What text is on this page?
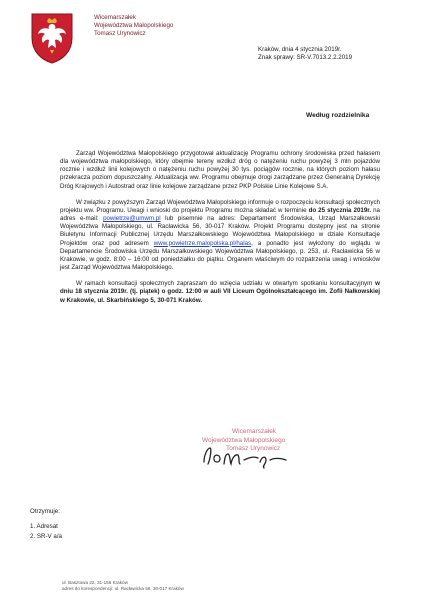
Wicemarszałek
Województwa Małopolskiego
Tomasz Urynowicz
Kraków, dnia 4 stycznia 2019r.
Znak sprawy: SR-V.7013.2.2.2019
Według rozdzielnika

Zarząd Województwa Małopolskiego przygotował aktualizację Programu ochrony środowiska przed hałasem dla województwa małopolskiego, który obejmie tereny wzdłuż dróg o natężeniu ruchu powyżej 3 mln pojazdów rocznie i wzdłuż linii kolejowych o natężeniu ruchu powyżej 30 tys. pociągów rocznie, na których poziom hałasu przekracza poziom dopuszczalny. Aktualizacja ww. Programu obejmuje drogi zarządzane przez Generalną Dyrekcję Dróg Krajowych i Autostrad oraz linie kolejowe zarządzane przez PKP Polskie Linie Kolejowe S.A.

W związku z powyższym Zarząd Województwa Małopolskiego informuje o rozpoczęciu konsultacji społecznych projektu ww. Programu. Uwagi i wnioski do projektu Programu można składać w terminie do 25 stycznia 2019r. na adres e-mail: powietrze@umwm.pl lub pisemnie na adres: Departament Środowiska, Urząd Marszałkowski Województwa Małopolskiego, ul. Racławicka 56, 30-017 Kraków. Projekt Programu dostępny jest na stronie Biuletynu Informacji Publicznej Urzędu Marszałkowskiego Województwa Małopolskiego w dziale Konsultacje Projektów oraz pod adresem www.powietrze.malopolska.pl/halas, a ponadto jest wyłożony do wglądu w Departamencie Środowiska Urzędu Marszałkowskiego Województwa Małopolskiego, p. 253, ul. Racławicka 56 w Krakowie, w godz. 8:00 – 16:00 od poniedziałku do piątku. Organem właściwym do rozpatrzenia uwag i wniosków jest Zarząd Województwa Małopolskiego.

W ramach konsultacji społecznych zapraszam do wzięcia udziału w otwartym spotkaniu konsultacyjnym w dniu 18 stycznia 2019r. (tj. piątek) o godz. 12:00 w auli VII Liceum Ogólnokształcącego im. Zofii Nałkowskiej w Krakowie, ul. Skarbińskiego 5, 30-071 Kraków.

Wicemarszałek
Województwa Małopolskiego
Tomasz Urynowicz
Otrzymuje:
1. Adresat
2. SR-V a/a
ul. Basztowa 22, 31-156 Kraków
adres do korespondencji: ul. Racławicka 56, 30-017 Kraków
